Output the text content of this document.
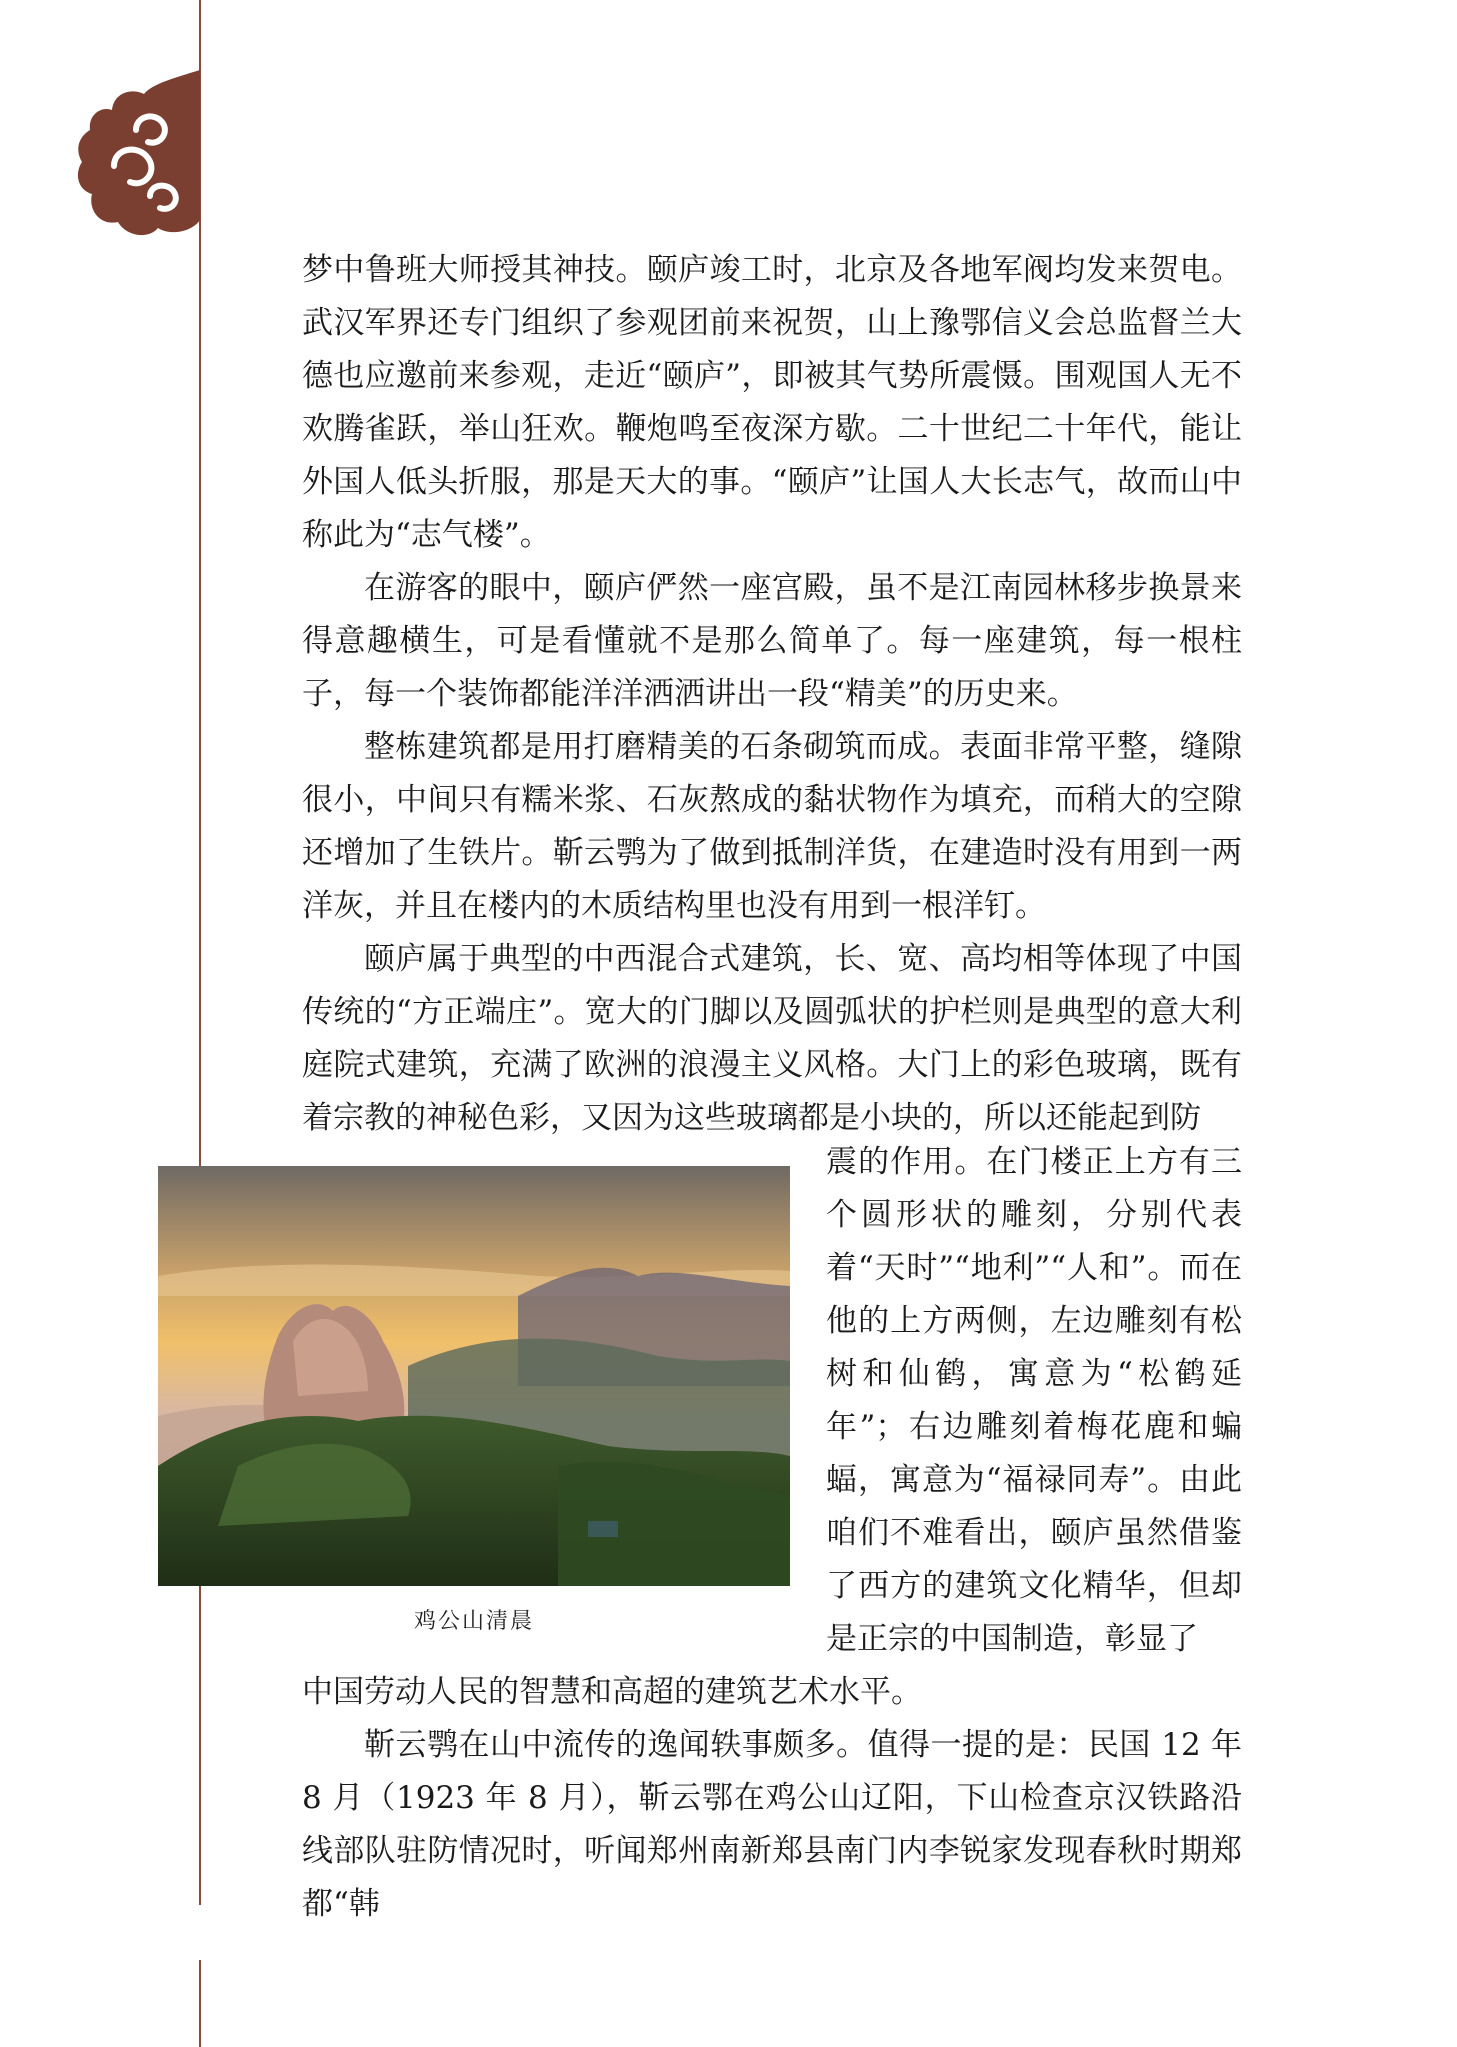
梦中鲁班大师授其神技。颐庐竣工时，北京及各地军阀均发来贺电。武汉军界还专门组织了参观团前来祝贺，山上豫鄂信义会总监督兰大德也应邀前来参观，走近“颐庐”，即被其气势所震慑。围观国人无不欢腾雀跃，举山狂欢。鞭炮鸣至夜深方歇。二十世纪二十年代，能让外国人低头折服，那是天大的事。“颐庐”让国人大长志气，故而山中称此为“志气楼”。

在游客的眼中，颐庐俨然一座宫殿，虽不是江南园林移步换景来得意趣横生，可是看懂就不是那么简单了。每一座建筑，每一根柱子，每一个装饰都能洋洋洒洒讲出一段“精美”的历史来。

整栋建筑都是用打磨精美的石条砌筑而成。表面非常平整，缝隙很小，中间只有糯米浆、石灰熬成的黏状物作为填充，而稍大的空隙还增加了生铁片。靳云鹗为了做到抵制洋货，在建造时没有用到一两洋灰，并且在楼内的木质结构里也没有用到一根洋钉。

颐庐属于典型的中西混合式建筑，长、宽、高均相等体现了中国传统的“方正端庄”。宽大的门脚以及圆弧状的护栏则是典型的意大利庭院式建筑，充满了欧洲的浪漫主义风格。大门上的彩色玻璃，既有着宗教的神秘色彩，又因为这些玻璃都是小块的，所以还能起到防

鸡公山清晨

震的作用。在门楼正上方有三个圆形状的雕刻，分别代表着“天时”“地利”“人和”。而在他的上方两侧，左边雕刻有松树和仙鹤，寓意为“松鹤延年”；右边雕刻着梅花鹿和蝙蝠，寓意为“福禄同寿”。由此咱们不难看出，颐庐虽然借鉴了西方的建筑文化精华，但却是正宗的中国制造，彰显了

中国劳动人民的智慧和高超的建筑艺术水平。

靳云鹗在山中流传的逸闻轶事颇多。值得一提的是：民国 12 年 8 月（1923 年 8 月），靳云鄂在鸡公山辽阳，下山检查京汉铁路沿线部队驻防情况时，听闻郑州南新郑县南门内李锐家发现春秋时期郑都“韩
